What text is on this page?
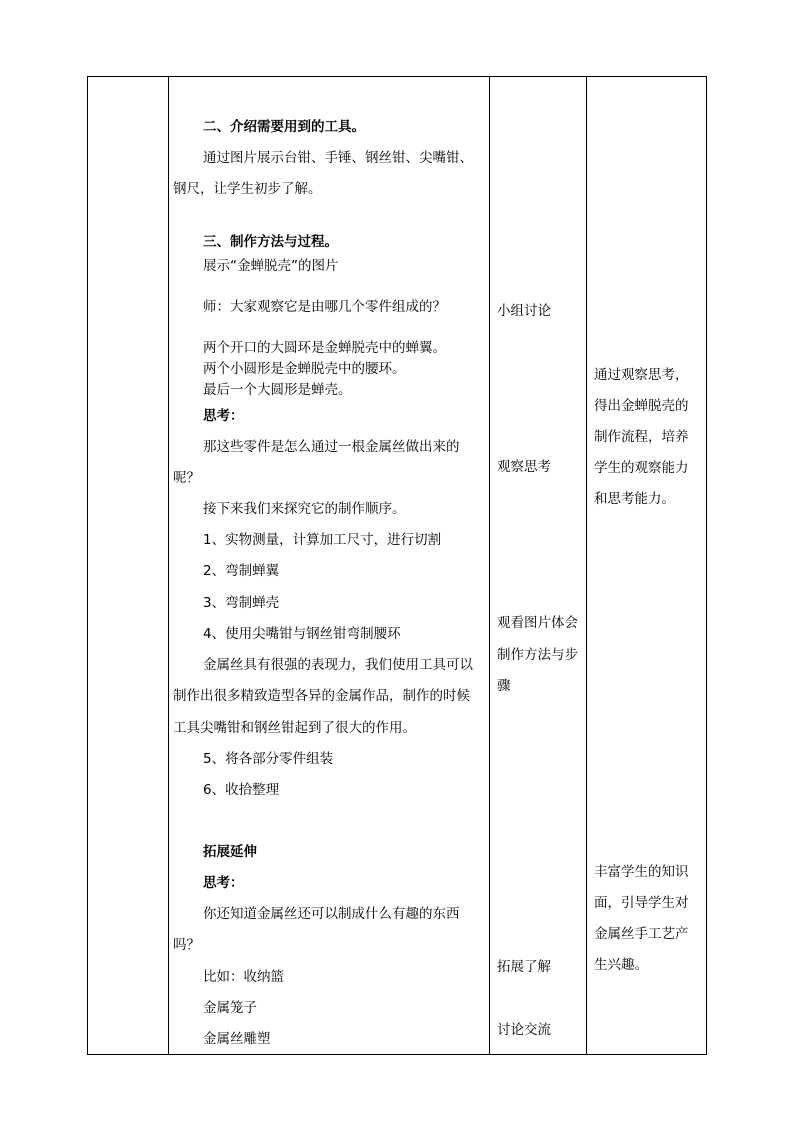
二、介绍需要用到的工具。
通过图片展示台钳、手锤、钢丝钳、尖嘴钳、
钢尺，让学生初步了解。
三、制作方法与过程。
展示“金蝉脱壳”的图片
师：大家观察它是由哪几个零件组成的？
两个开口的大圆环是金蝉脱壳中的蝉翼。
两个小圆形是金蝉脱壳中的腰环。
最后一个大圆形是蝉壳。
思考：
那这些零件是怎么通过一根金属丝做出来的
呢？
接下来我们来探究它的制作顺序。
1、实物测量，计算加工尺寸，进行切割
2、弯制蝉翼
3、弯制蝉壳
4、使用尖嘴钳与钢丝钳弯制腰环
金属丝具有很强的表现力，我们使用工具可以
制作出很多精致造型各异的金属作品，制作的时候
工具尖嘴钳和钢丝钳起到了很大的作用。
5、将各部分零件组装
6、收拾整理
拓展延伸
思考：
你还知道金属丝还可以制成什么有趣的东西
吗？
比如：收纳篮
金属笼子
金属丝雕塑
小组讨论
观察思考
观看图片体会
制作方法与步
骤
拓展了解
讨论交流
通过观察思考，
得出金蝉脱壳的
制作流程，培养
学生的观察能力
和思考能力。
丰富学生的知识
面，引导学生对
金属丝手工艺产
生兴趣。
